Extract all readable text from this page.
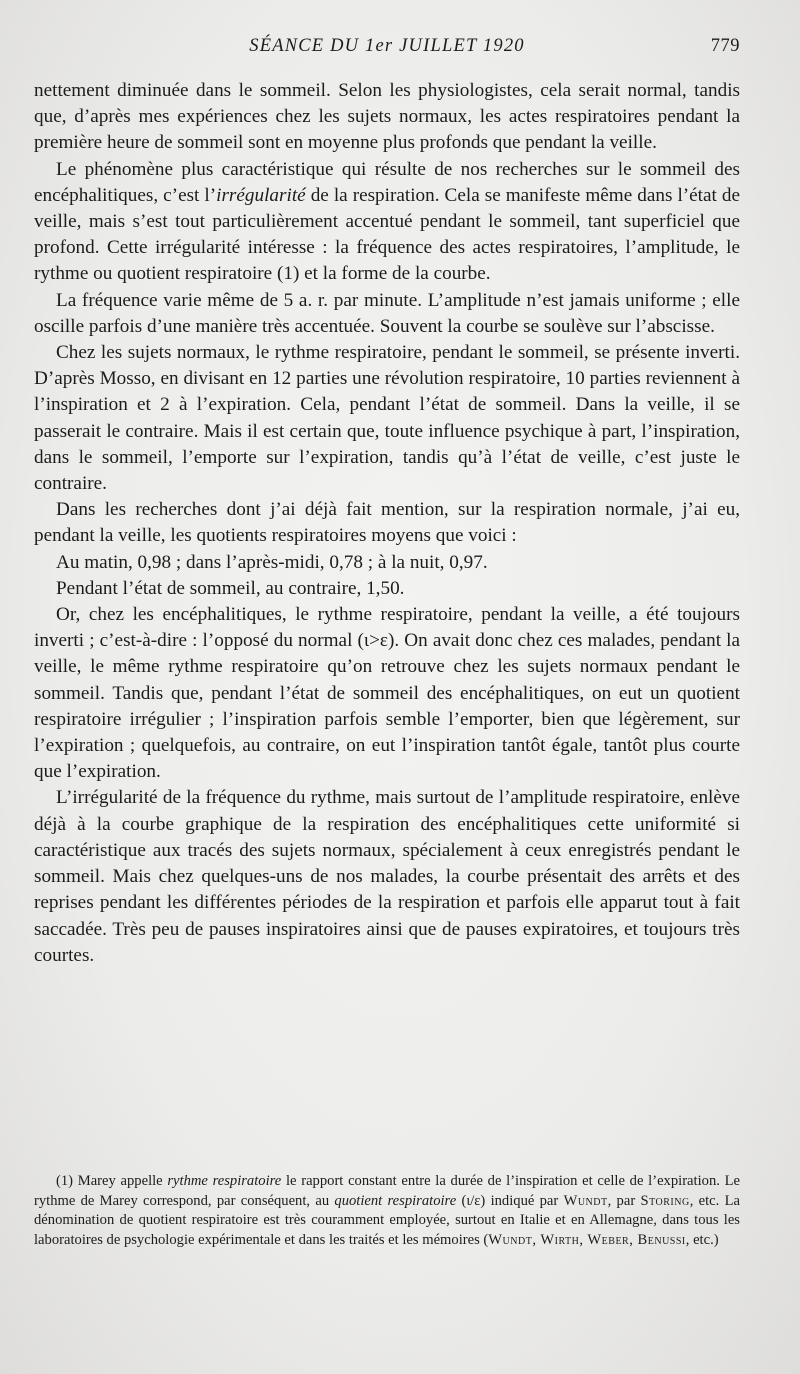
SÉANCE DU 1er JUILLET 1920	779

nettement diminuée dans le sommeil. Selon les physiologistes, cela serait normal, tandis que, d’après mes expériences chez les sujets normaux, les actes respiratoires pendant la première heure de sommeil sont en moyenne plus profonds que pendant la veille.

Le phénomène plus caractéristique qui résulte de nos recherches sur le sommeil des encéphalitiques, c’est l’irrégularité de la respiration. Cela se manifeste même dans l’état de veille, mais s’est tout particulièrement accentué pendant le sommeil, tant superficiel que profond. Cette irrégularité intéresse : la fréquence des actes respiratoires, l’amplitude, le rythme ou quotient respiratoire (1) et la forme de la courbe.

La fréquence varie même de 5 a. r. par minute. L’amplitude n’est jamais uniforme ; elle oscille parfois d’une manière très accentuée. Souvent la courbe se soulève sur l’abscisse.

Chez les sujets normaux, le rythme respiratoire, pendant le sommeil, se présente inverti. D’après Mosso, en divisant en 12 parties une révolution respiratoire, 10 parties reviennent à l’inspiration et 2 à l’expiration. Cela, pendant l’état de sommeil. Dans la veille, il se passerait le contraire. Mais il est certain que, toute influence psychique à part, l’inspiration, dans le sommeil, l’emporte sur l’expiration, tandis qu’à l’état de veille, c’est juste le contraire.

Dans les recherches dont j’ai déjà fait mention, sur la respiration normale, j’ai eu, pendant la veille, les quotients respiratoires moyens que voici :

Au matin, 0,98 ; dans l’après-midi, 0,78 ; à la nuit, 0,97.

Pendant l’état de sommeil, au contraire, 1,50.

Or, chez les encéphalitiques, le rythme respiratoire, pendant la veille, a été toujours inverti ; c’est-à-dire : l’opposé du normal (ι>ε). On avait donc chez ces malades, pendant la veille, le même rythme respiratoire qu’on retrouve chez les sujets normaux pendant le sommeil. Tandis que, pendant l’état de sommeil des encéphalitiques, on eut un quotient respiratoire irrégulier ; l’inspiration parfois semble l’emporter, bien que légèrement, sur l’expiration ; quelquefois, au contraire, on eut l’inspiration tantôt égale, tantôt plus courte que l’expiration.

L’irrégularité de la fréquence du rythme, mais surtout de l’amplitude respiratoire, enlève déjà à la courbe graphique de la respiration des encéphalitiques cette uniformité si caractéristique aux tracés des sujets normaux, spécialement à ceux enregistrés pendant le sommeil. Mais chez quelques-uns de nos malades, la courbe présentait des arrêts et des reprises pendant les différentes périodes de la respiration et parfois elle apparut tout à fait saccadée. Très peu de pauses inspiratoires ainsi que de pauses expiratoires, et toujours très courtes.

(1) Marey appelle rythme respiratoire le rapport constant entre la durée de l’inspiration et celle de l’expiration. Le rythme de Marey correspond, par conséquent, au quotient respiratoire (ι/ε) indiqué par Wundt, par Storing, etc. La dénomination de quotient respiratoire est très couramment employée, surtout en Italie et en Allemagne, dans tous les laboratoires de psychologie expérimentale et dans les traités et les mémoires (Wundt, Wirth, Weber, Benussi, etc.)
